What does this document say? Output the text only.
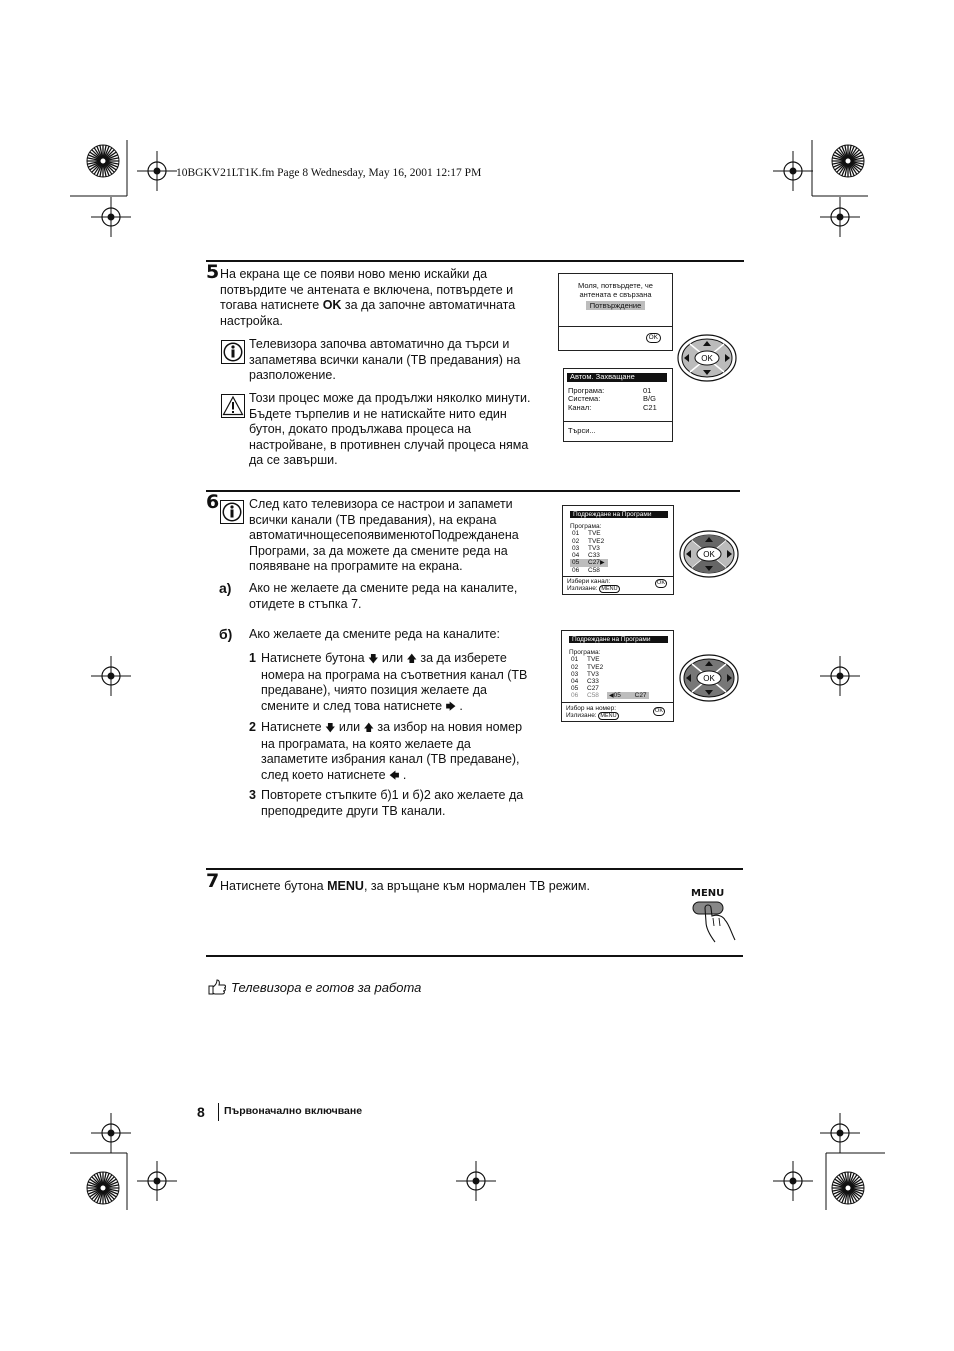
10BGKV21LT1K.fm Page 8 Wednesday, May 16, 2001 12:17 PM
5 На екрана ще се появи ново меню искайки да
потвърдите че антената е включена, потвърдете и
тогава натиснете OK за да започне автоматичната
настройка.
Телевизора започва автоматично да търси и
запаметява всички канали (ТВ предавания) на
разположение.
Този процес може да продължи няколко минути.
Бъдете търпелив и не натискайте нито един
бутон, докато продължава процеса на
настройване, в противнен случай процеса няма
да се завърши.
Моля, потвърдете, че
антената е свързана
Потвърждение
OK
Автом. Захващане
Програма:	01
Система:	B/G
Канал:	C21
Търси...
OK
6 След като телевизора се настрои и запамети
всички канали (ТВ предавания), на екрана
автоматичнощесепоявименютоПодрежданена
Програми, за да можете да смените реда на
появяване на програмите на екрана.
а) Ако не желаете да смените реда на каналите,
отидете в стъпка 7.
б) Ако желаете да смените реда на каналите:
1 Натиснете бутона 🡇 или 🡅 за да изберете
номера на програма на съответния канал (ТВ
предаване), чиято позиция желаете да
смените и след това натиснете 🡆 .
2 Натиснете 🡇 или 🡅 за избор на новия номер
на програмата, на която желаете да
запаметите избрания канал (ТВ предаване),
след което натиснете 🡄 .
3 Повторете стъпките б)1 и б)2 ако желаете да
преподредите други ТВ канали.
Подреждане на Програми
Програма:
01 TVE
02 TVE2
03 TV3
04 C33
05 C27▶
06 C58
Избери канал:
Излизане: MENU
OK
Подреждане на Програми
Програма:
01 TVE
02 TVE2
03 TV3
04 C33
05 C27
06 C58 ◀05 C27
Избор на номер:
Излизане: MENU
OK
OK
OK
7 Натиснете бутона MENU, за връщане към нормален ТВ режим.
MENU
Телевизора е готов за работа
8 Първоначално включване
